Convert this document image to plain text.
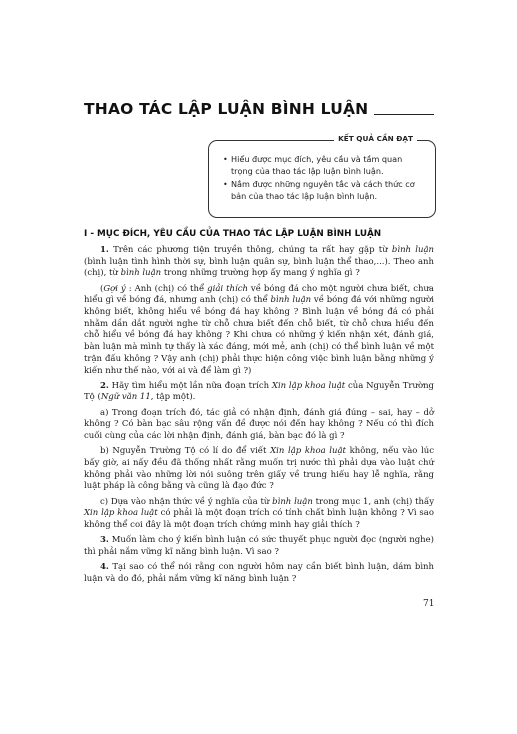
THAO TÁC LẬP LUẬN BÌNH LUẬN
KẾT QUẢ CẦN ĐẠT
• Hiểu được mục đích, yêu cầu và tầm quan trọng của thao tác lập luận bình luận.
• Nắm được những nguyên tắc và cách thức cơ bản của thao tác lập luận bình luận.
I - MỤC ĐÍCH, YÊU CẦU CỦA THAO TÁC LẬP LUẬN BÌNH LUẬN

1. Trên các phương tiện truyền thông, chúng ta rất hay gặp từ bình luận (bình luận tình hình thời sự, bình luận quân sự, bình luận thể thao,...). Theo anh (chị), từ bình luận trong những trường hợp ấy mang ý nghĩa gì ?

(Gợi ý : Anh (chị) có thể giải thích về bóng đá cho một người chưa biết, chưa hiểu gì về bóng đá, nhưng anh (chị) có thể bình luận về bóng đá với những người không biết, không hiểu về bóng đá hay không ? Bình luận về bóng đá có phải nhằm dần dắt người nghe từ chỗ chưa biết đến chỗ biết, từ chỗ chưa hiểu đến chỗ hiểu về bóng đá hay không ? Khi chưa có những ý kiến nhận xét, đánh giá, bàn luận mà mình tự thấy là xác đáng, mới mẻ, anh (chị) có thể bình luận về một trận đấu không ? Vậy anh (chị) phải thực hiện công việc bình luận bằng những ý kiến như thế nào, với ai và để làm gì ?)

2. Hãy tìm hiểu một lần nữa đoạn trích Xin lập khoa luật của Nguyễn Trường Tộ (Ngữ văn 11, tập một).

a) Trong đoạn trích đó, tác giả có nhận định, đánh giá đúng – sai, hay – dở không ? Có bàn bạc sâu rộng vấn đề được nói đến hay không ? Nếu có thì đích cuối cùng của các lời nhận định, đánh giá, bàn bạc đó là gì ?

b) Nguyễn Trường Tộ có lí do để viết Xin lập khoa luật không, nếu vào lúc bấy giờ, ai nấy đều đã thống nhất rằng muốn trị nước thì phải dựa vào luật chứ không phải vào những lời nói suông trên giấy về trung hiếu hay lễ nghĩa, rằng luật pháp là công bằng và cũng là đạo đức ?

c) Dựa vào nhận thức về ý nghĩa của từ bình luận trong mục 1, anh (chị) thấy Xin lập khoa luật có phải là một đoạn trích có tính chất bình luận không ? Vì sao không thể coi đây là một đoạn trích chứng minh hay giải thích ?

3. Muốn làm cho ý kiến bình luận có sức thuyết phục người đọc (người nghe) thì phải nắm vững kĩ năng bình luận. Vì sao ?

4. Tại sao có thể nói rằng con người hôm nay cần biết bình luận, dám bình luận và do đó, phải nắm vững kĩ năng bình luận ?

71
